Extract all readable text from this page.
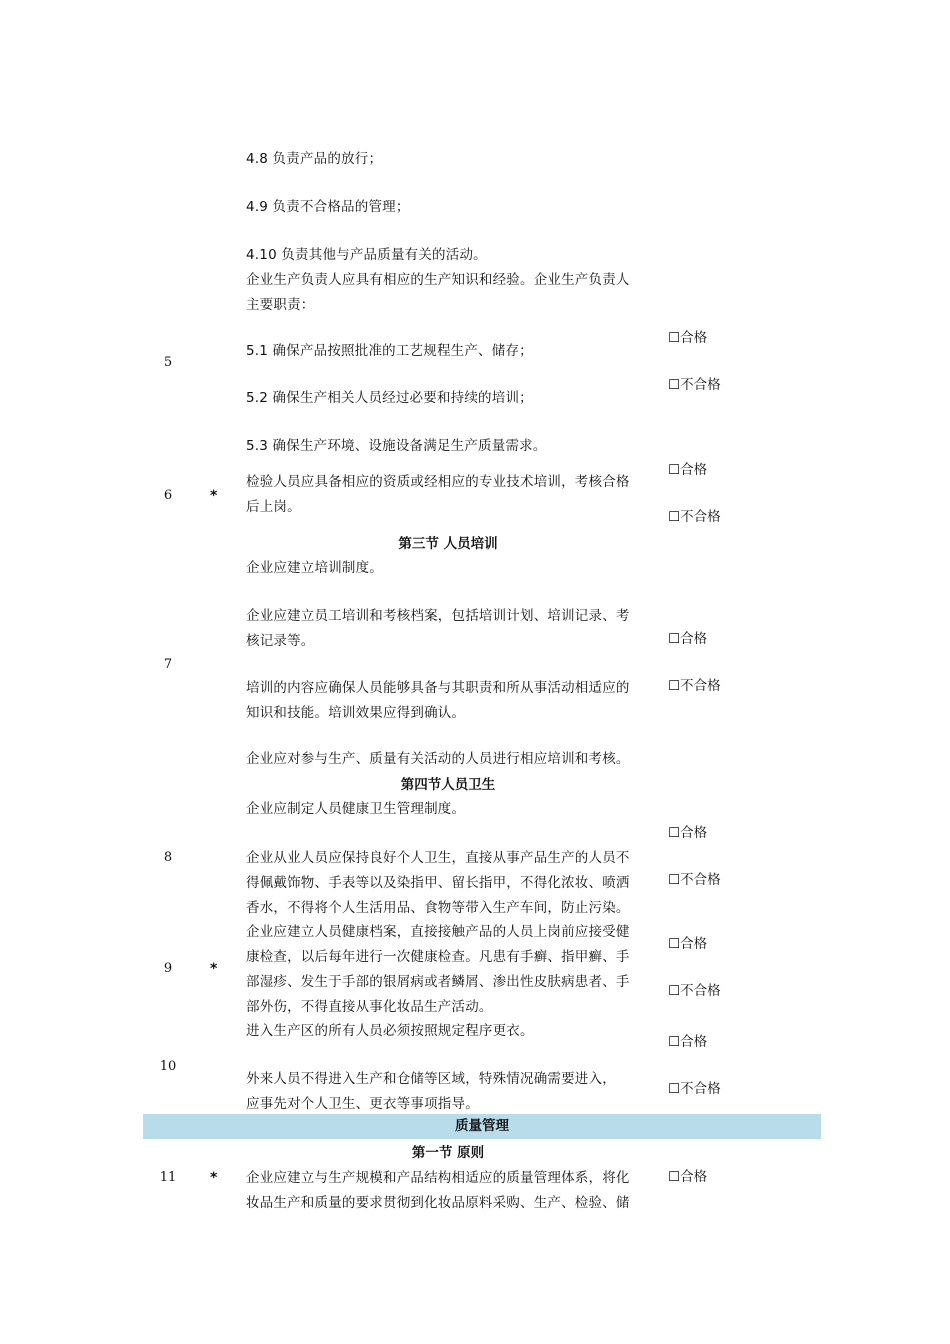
质量管理
4.8 负责产品的放行；
4.9 负责不合格品的管理；
4.10 负责其他与产品质量有关的活动。
企业生产负责人应具有相应的生产知识和经验。企业生产负责人
主要职责：
5.1 确保产品按照批准的工艺规程生产、储存；
5.2 确保生产相关人员经过必要和持续的培训；
5.3 确保生产环境、设施设备满足生产质量需求。
检验人员应具备相应的资质或经相应的专业技术培训，考核合格
后上岗。
企业应建立培训制度。
企业应建立员工培训和考核档案，包括培训计划、培训记录、考
核记录等。
培训的内容应确保人员能够具备与其职责和所从事活动相适应的
知识和技能。培训效果应得到确认。
企业应对参与生产、质量有关活动的人员进行相应培训和考核。
企业应制定人员健康卫生管理制度。
企业从业人员应保持良好个人卫生，直接从事产品生产的人员不
得佩戴饰物、手表等以及染指甲、留长指甲，不得化浓妆、喷洒
香水，不得将个人生活用品、食物等带入生产车间，防止污染。
企业应建立人员健康档案，直接接触产品的人员上岗前应接受健
康检查，以后每年进行一次健康检查。凡患有手癣、指甲癣、手
部湿疹、发生于手部的银屑病或者鳞屑、渗出性皮肤病患者、手
部外伤，不得直接从事化妆品生产活动。
进入生产区的所有人员必须按照规定程序更衣。
外来人员不得进入生产和仓储等区域，特殊情况确需要进入，
应事先对个人卫生、更衣等事项指导。
企业应建立与生产规模和产品结构相适应的质量管理体系，将化
妆品生产和质量的要求贯彻到化妆品原料采购、生产、检验、储
第三节 人员培训
第四节人员卫生
第一节 原则
5
6
7
8
9
10
11
*
*
*
☐合格
☐不合格
☐合格
☐不合格
☐合格
☐不合格
☐合格
☐不合格
☐合格
☐不合格
☐合格
☐不合格
☐合格
